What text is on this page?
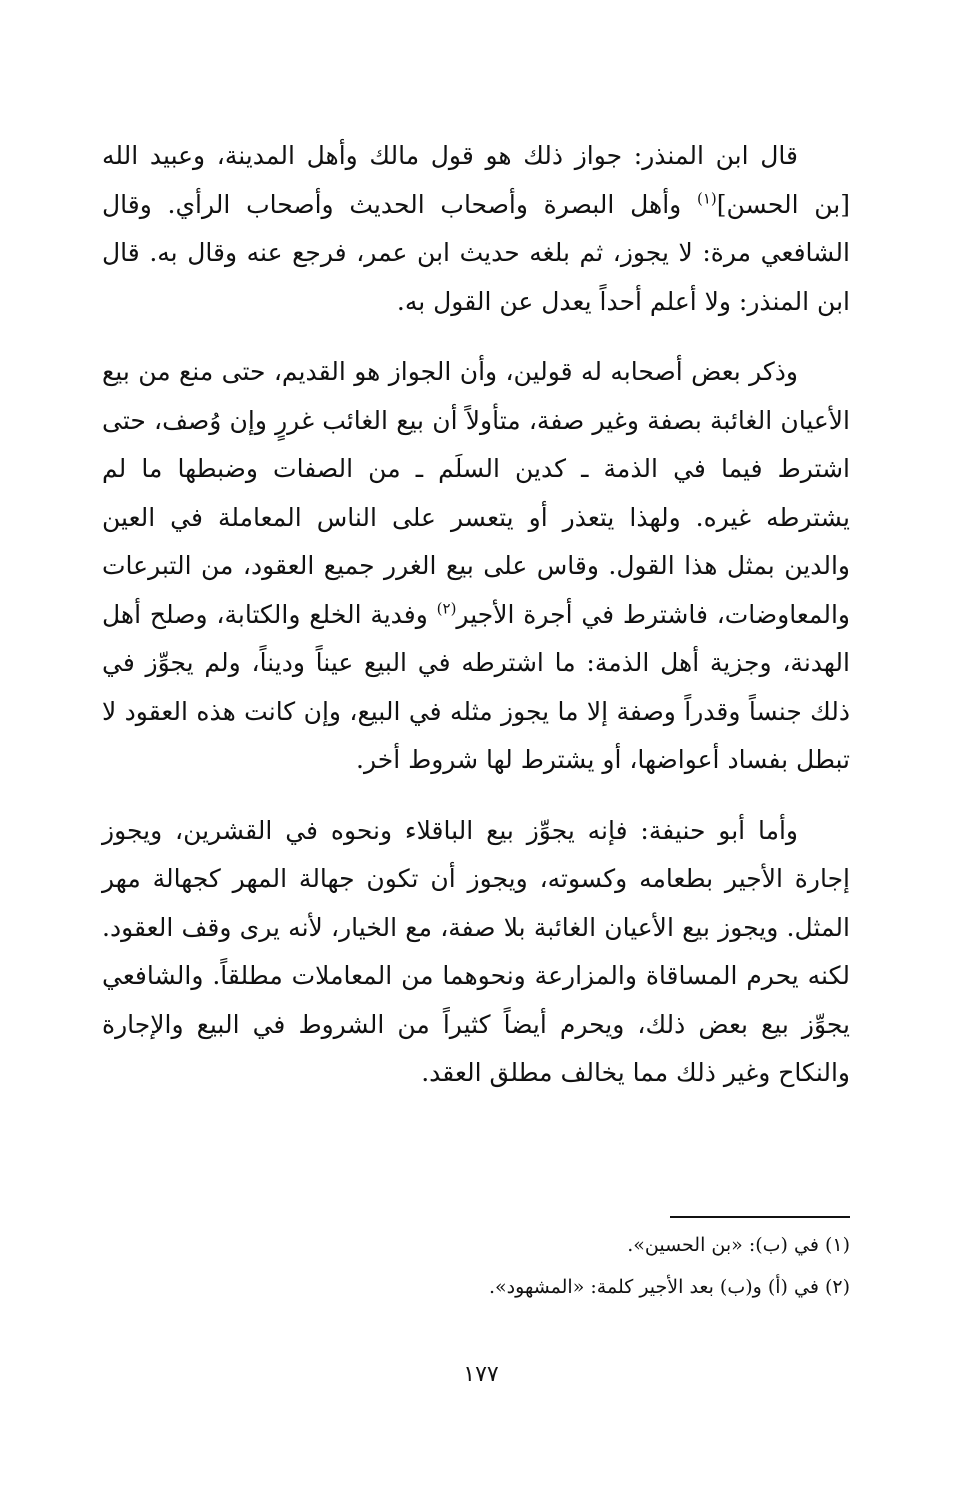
قال ابن المنذر: جواز ذلك هو قول مالك وأهل المدينة، وعبيد الله [بن الحسن]$^{(١)}$ وأهل البصرة وأصحاب الحديث وأصحاب الرأي. وقال الشافعي مرة: لا يجوز، ثم بلغه حديث ابن عمر، فرجع عنه وقال به. قال ابن المنذر: ولا أعلم أحداً يعدل عن القول به.

وذكر بعض أصحابه له قولين، وأن الجواز هو القديم، حتى منع من بيع الأعيان الغائبة بصفة وغير صفة، متأولاً أن بيع الغائب غررٍ وإن وُصف، حتى اشترط فيما في الذمة ـ كدين السلَم ـ من الصفات وضبطها ما لم يشترطه غيره. ولهذا يتعذر أو يتعسر على الناس المعاملة في العين والدين بمثل هذا القول. وقاس على بيع الغرر جميع العقود، من التبرعات والمعاوضات، فاشترط في أجرة الأجير$^{(٢)}$ وفدية الخلع والكتابة، وصلح أهل الهدنة، وجزية أهل الذمة: ما اشترطه في البيع عيناً وديناً، ولم يجوِّز في ذلك جنساً وقدراً وصفة إلا ما يجوز مثله في البيع، وإن كانت هذه العقود لا تبطل بفساد أعواضها، أو يشترط لها شروط أخر.

وأما أبو حنيفة: فإنه يجوِّز بيع الباقلاء ونحوه في القشرين، ويجوز إجارة الأجير بطعامه وكسوته، ويجوز أن تكون جهالة المهر كجهالة مهر المثل. ويجوز بيع الأعيان الغائبة بلا صفة، مع الخيار، لأنه يرى وقف العقود. لكنه يحرم المساقاة والمزارعة ونحوهما من المعاملات مطلقاً. والشافعي يجوِّز بيع بعض ذلك، ويحرم أيضاً كثيراً من الشروط في البيع والإجارة والنكاح وغير ذلك مما يخالف مطلق العقد.

(١) في (ب): «بن الحسين».

(٢) في (أ) و(ب) بعد الأجير كلمة: «المشهود».

١٧٧
